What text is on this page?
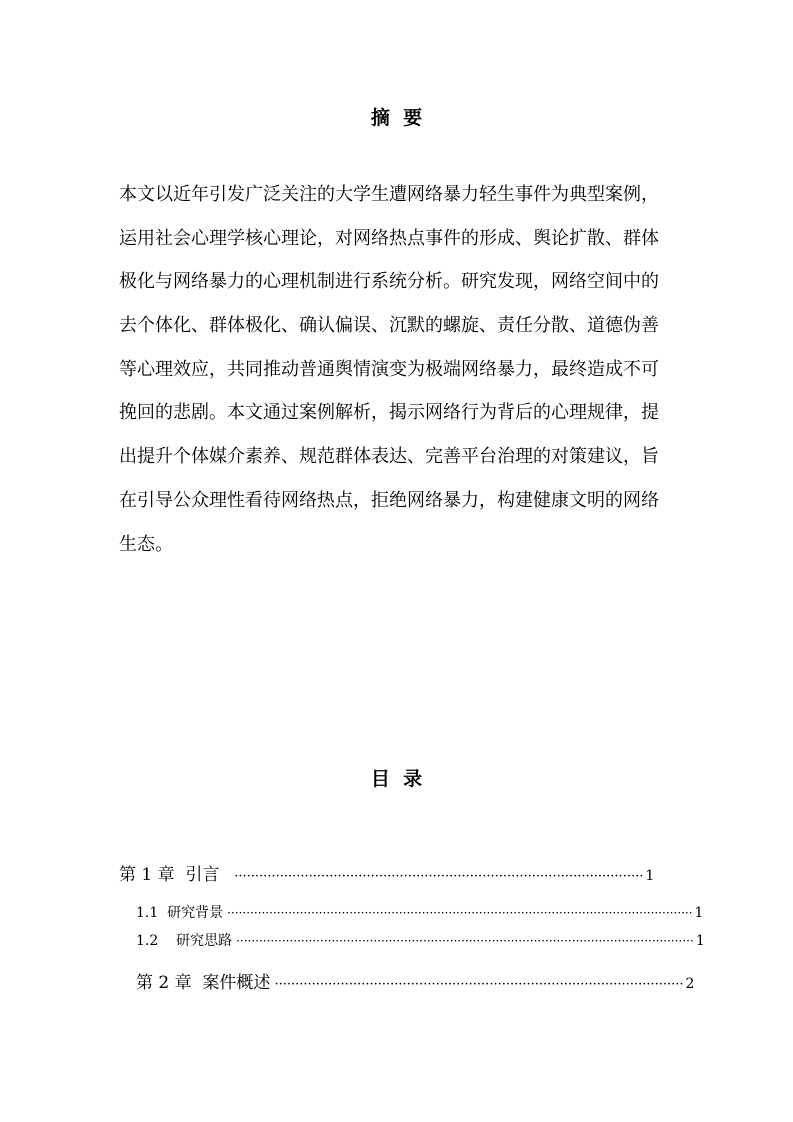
摘  要
本文以近年引发广泛关注的大学生遭网络暴力轻生事件为典型案例，
运用社会心理学核心理论，对网络热点事件的形成、舆论扩散、群体
极化与网络暴力的心理机制进行系统分析。研究发现，网络空间中的
去个体化、群体极化、确认偏误、沉默的螺旋、责任分散、道德伪善
等心理效应，共同推动普通舆情演变为极端网络暴力，最终造成不可
挽回的悲剧。本文通过案例解析，揭示网络行为背后的心理规律，提
出提升个体媒介素养、规范群体表达、完善平台治理的对策建议，旨
在引导公众理性看待网络热点，拒绝网络暴力，构建健康文明的网络
生态。
目  录
第 1 章  引言 ··································································································· 1
1.1  研究背景 ·························································································································· 1
1.2    研究思路 ························································································································ 1
第 2 章  案件概述 ··································································································· 2
